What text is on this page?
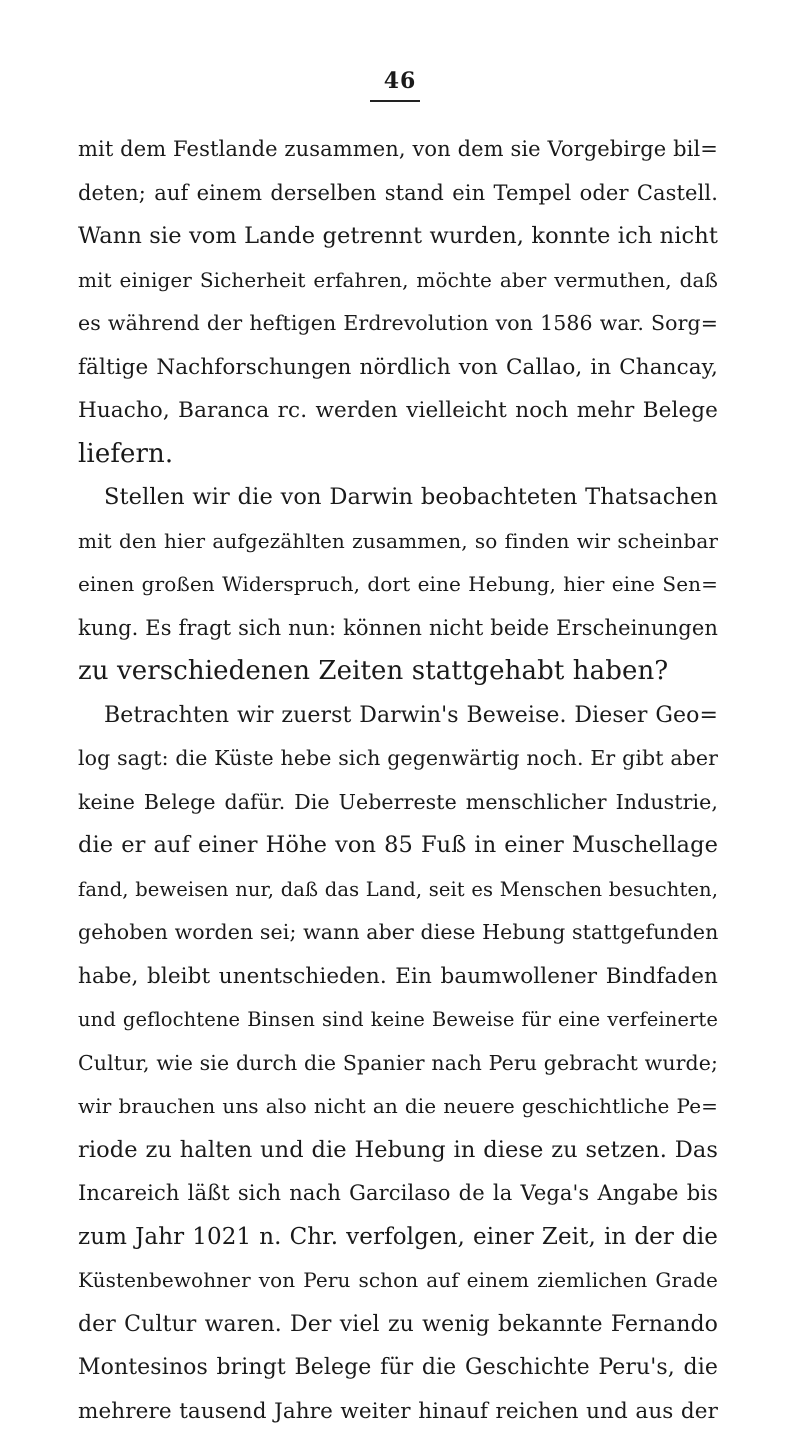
46
mit dem Festlande zusammen, von dem sie Vorgebirge bil=
deten; auf einem derselben stand ein Tempel oder Castell.
Wann sie vom Lande getrennt wurden, konnte ich nicht
mit einiger Sicherheit erfahren, möchte aber vermuthen, daß
es während der heftigen Erdrevolution von 1586 war. Sorg=
fältige Nachforschungen nördlich von Callao, in Chancay,
Huacho, Baranca rc. werden vielleicht noch mehr Belege
liefern.
Stellen wir die von Darwin beobachteten Thatsachen
mit den hier aufgezählten zusammen, so finden wir scheinbar
einen großen Widerspruch, dort eine Hebung, hier eine Sen=
kung. Es fragt sich nun: können nicht beide Erscheinungen
zu verschiedenen Zeiten stattgehabt haben?
Betrachten wir zuerst Darwin's Beweise. Dieser Geo=
log sagt: die Küste hebe sich gegenwärtig noch. Er gibt aber
keine Belege dafür. Die Ueberreste menschlicher Industrie,
die er auf einer Höhe von 85 Fuß in einer Muschellage
fand, beweisen nur, daß das Land, seit es Menschen besuchten,
gehoben worden sei; wann aber diese Hebung stattgefunden
habe, bleibt unentschieden. Ein baumwollener Bindfaden
und geflochtene Binsen sind keine Beweise für eine verfeinerte
Cultur, wie sie durch die Spanier nach Peru gebracht wurde;
wir brauchen uns also nicht an die neuere geschichtliche Pe=
riode zu halten und die Hebung in diese zu setzen. Das
Incareich läßt sich nach Garcilaso de la Vega's Angabe bis
zum Jahr 1021 n. Chr. verfolgen, einer Zeit, in der die
Küstenbewohner von Peru schon auf einem ziemlichen Grade
der Cultur waren. Der viel zu wenig bekannte Fernando
Montesinos bringt Belege für die Geschichte Peru's, die
mehrere tausend Jahre weiter hinauf reichen und aus der
